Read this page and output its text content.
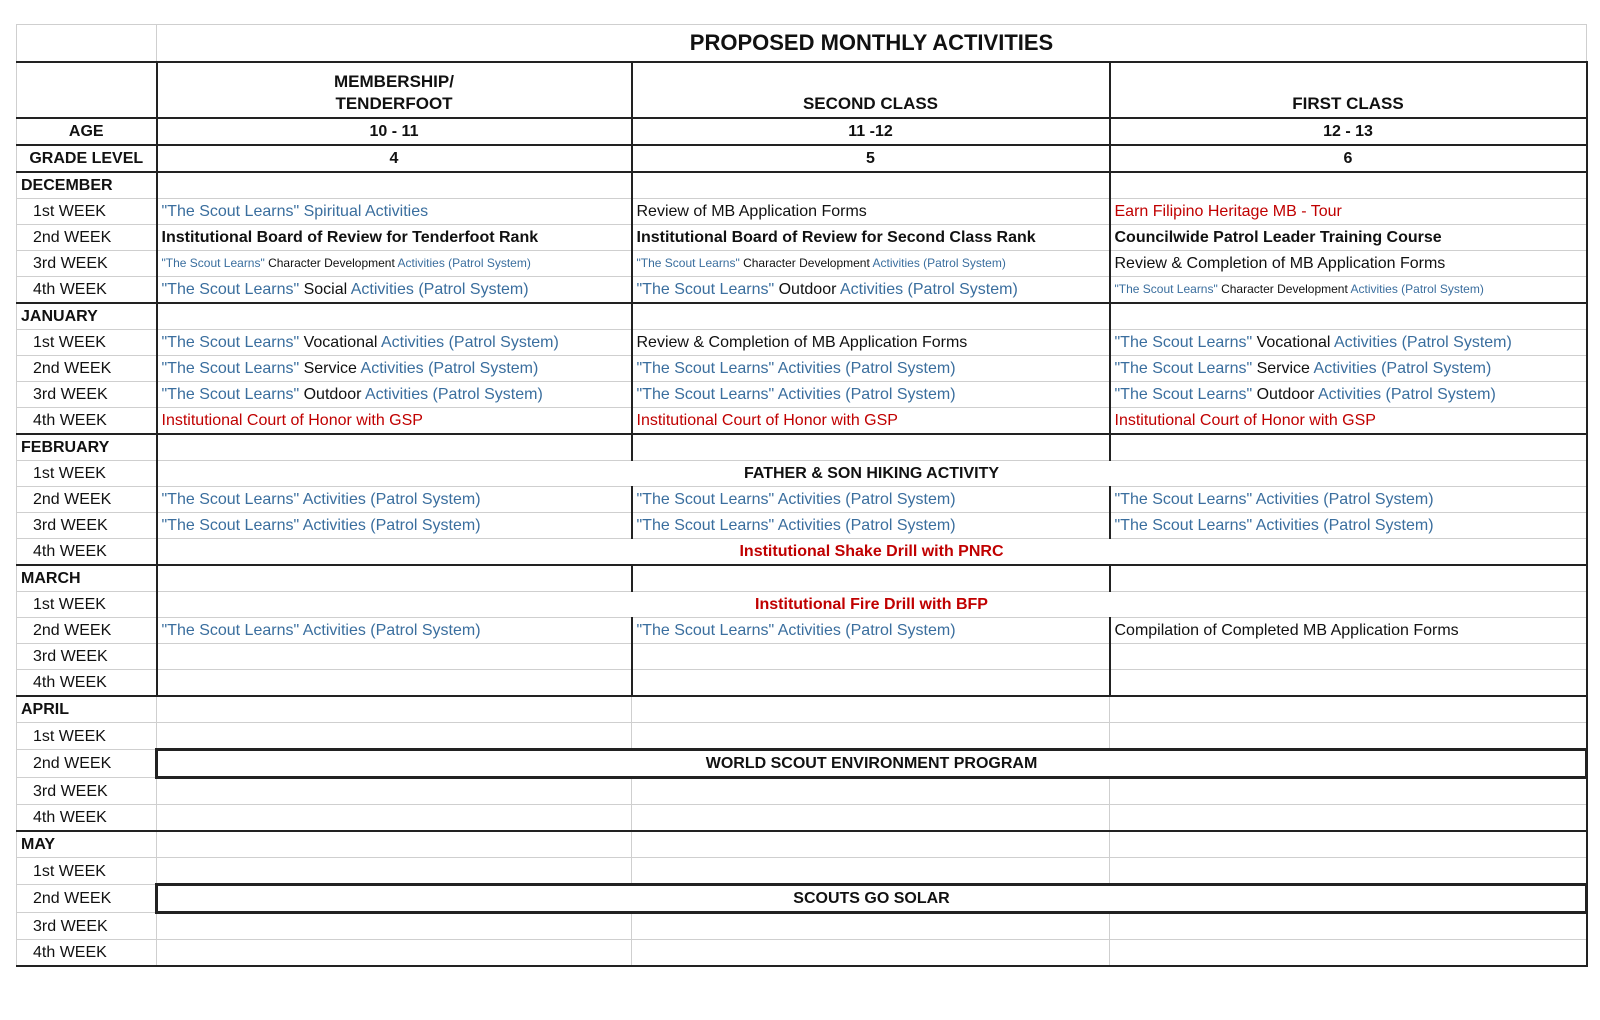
	PROPOSED MONTHLY ACTIVITIES		
	MEMBERSHIP/
TENDERFOOT	SECOND CLASS	FIRST CLASS
AGE	10 - 11	11 -12	12 - 13
GRADE LEVEL	4	5	6
DECEMBER			
1st WEEK	"The Scout Learns" Spiritual Activities	Review of MB Application Forms	Earn Filipino Heritage MB - Tour
2nd WEEK	Institutional Board of Review for Tenderfoot Rank	Institutional Board of Review for Second Class Rank	Councilwide Patrol Leader Training Course
3rd WEEK	"The Scout Learns" Character Development Activities (Patrol System)	"The Scout Learns" Character Development Activities (Patrol System)	Review & Completion of MB Application Forms
4th WEEK	"The Scout Learns" Social Activities (Patrol System)	"The Scout Learns" Outdoor Activities (Patrol System)	"The Scout Learns" Character Development Activities (Patrol System)
JANUARY			
1st WEEK	"The Scout Learns" Vocational Activities (Patrol System)	Review & Completion of MB Application Forms	"The Scout Learns" Vocational Activities (Patrol System)
2nd WEEK	"The Scout Learns" Service Activities (Patrol System)	"The Scout Learns" Activities (Patrol System)	"The Scout Learns" Service Activities (Patrol System)
3rd WEEK	"The Scout Learns" Outdoor Activities (Patrol System)	"The Scout Learns" Activities (Patrol System)	"The Scout Learns" Outdoor Activities (Patrol System)
4th WEEK	Institutional Court of Honor with GSP	Institutional Court of Honor with GSP	Institutional Court of Honor with GSP
FEBRUARY			
1st WEEK	FATHER & SON HIKING ACTIVITY		
2nd WEEK	"The Scout Learns" Activities (Patrol System)	"The Scout Learns" Activities (Patrol System)	"The Scout Learns" Activities (Patrol System)
3rd WEEK	"The Scout Learns" Activities (Patrol System)	"The Scout Learns" Activities (Patrol System)	"The Scout Learns" Activities (Patrol System)
4th WEEK	Institutional Shake Drill with PNRC		
MARCH			
1st WEEK	Institutional Fire Drill with BFP		
2nd WEEK	"The Scout Learns" Activities (Patrol System)	"The Scout Learns" Activities (Patrol System)	Compilation of Completed MB Application Forms
3rd WEEK			
4th WEEK			
APRIL			
1st WEEK			
2nd WEEK	WORLD SCOUT ENVIRONMENT PROGRAM		
3rd WEEK			
4th WEEK			
MAY			
1st WEEK			
2nd WEEK	SCOUTS GO SOLAR		
3rd WEEK			
4th WEEK			
